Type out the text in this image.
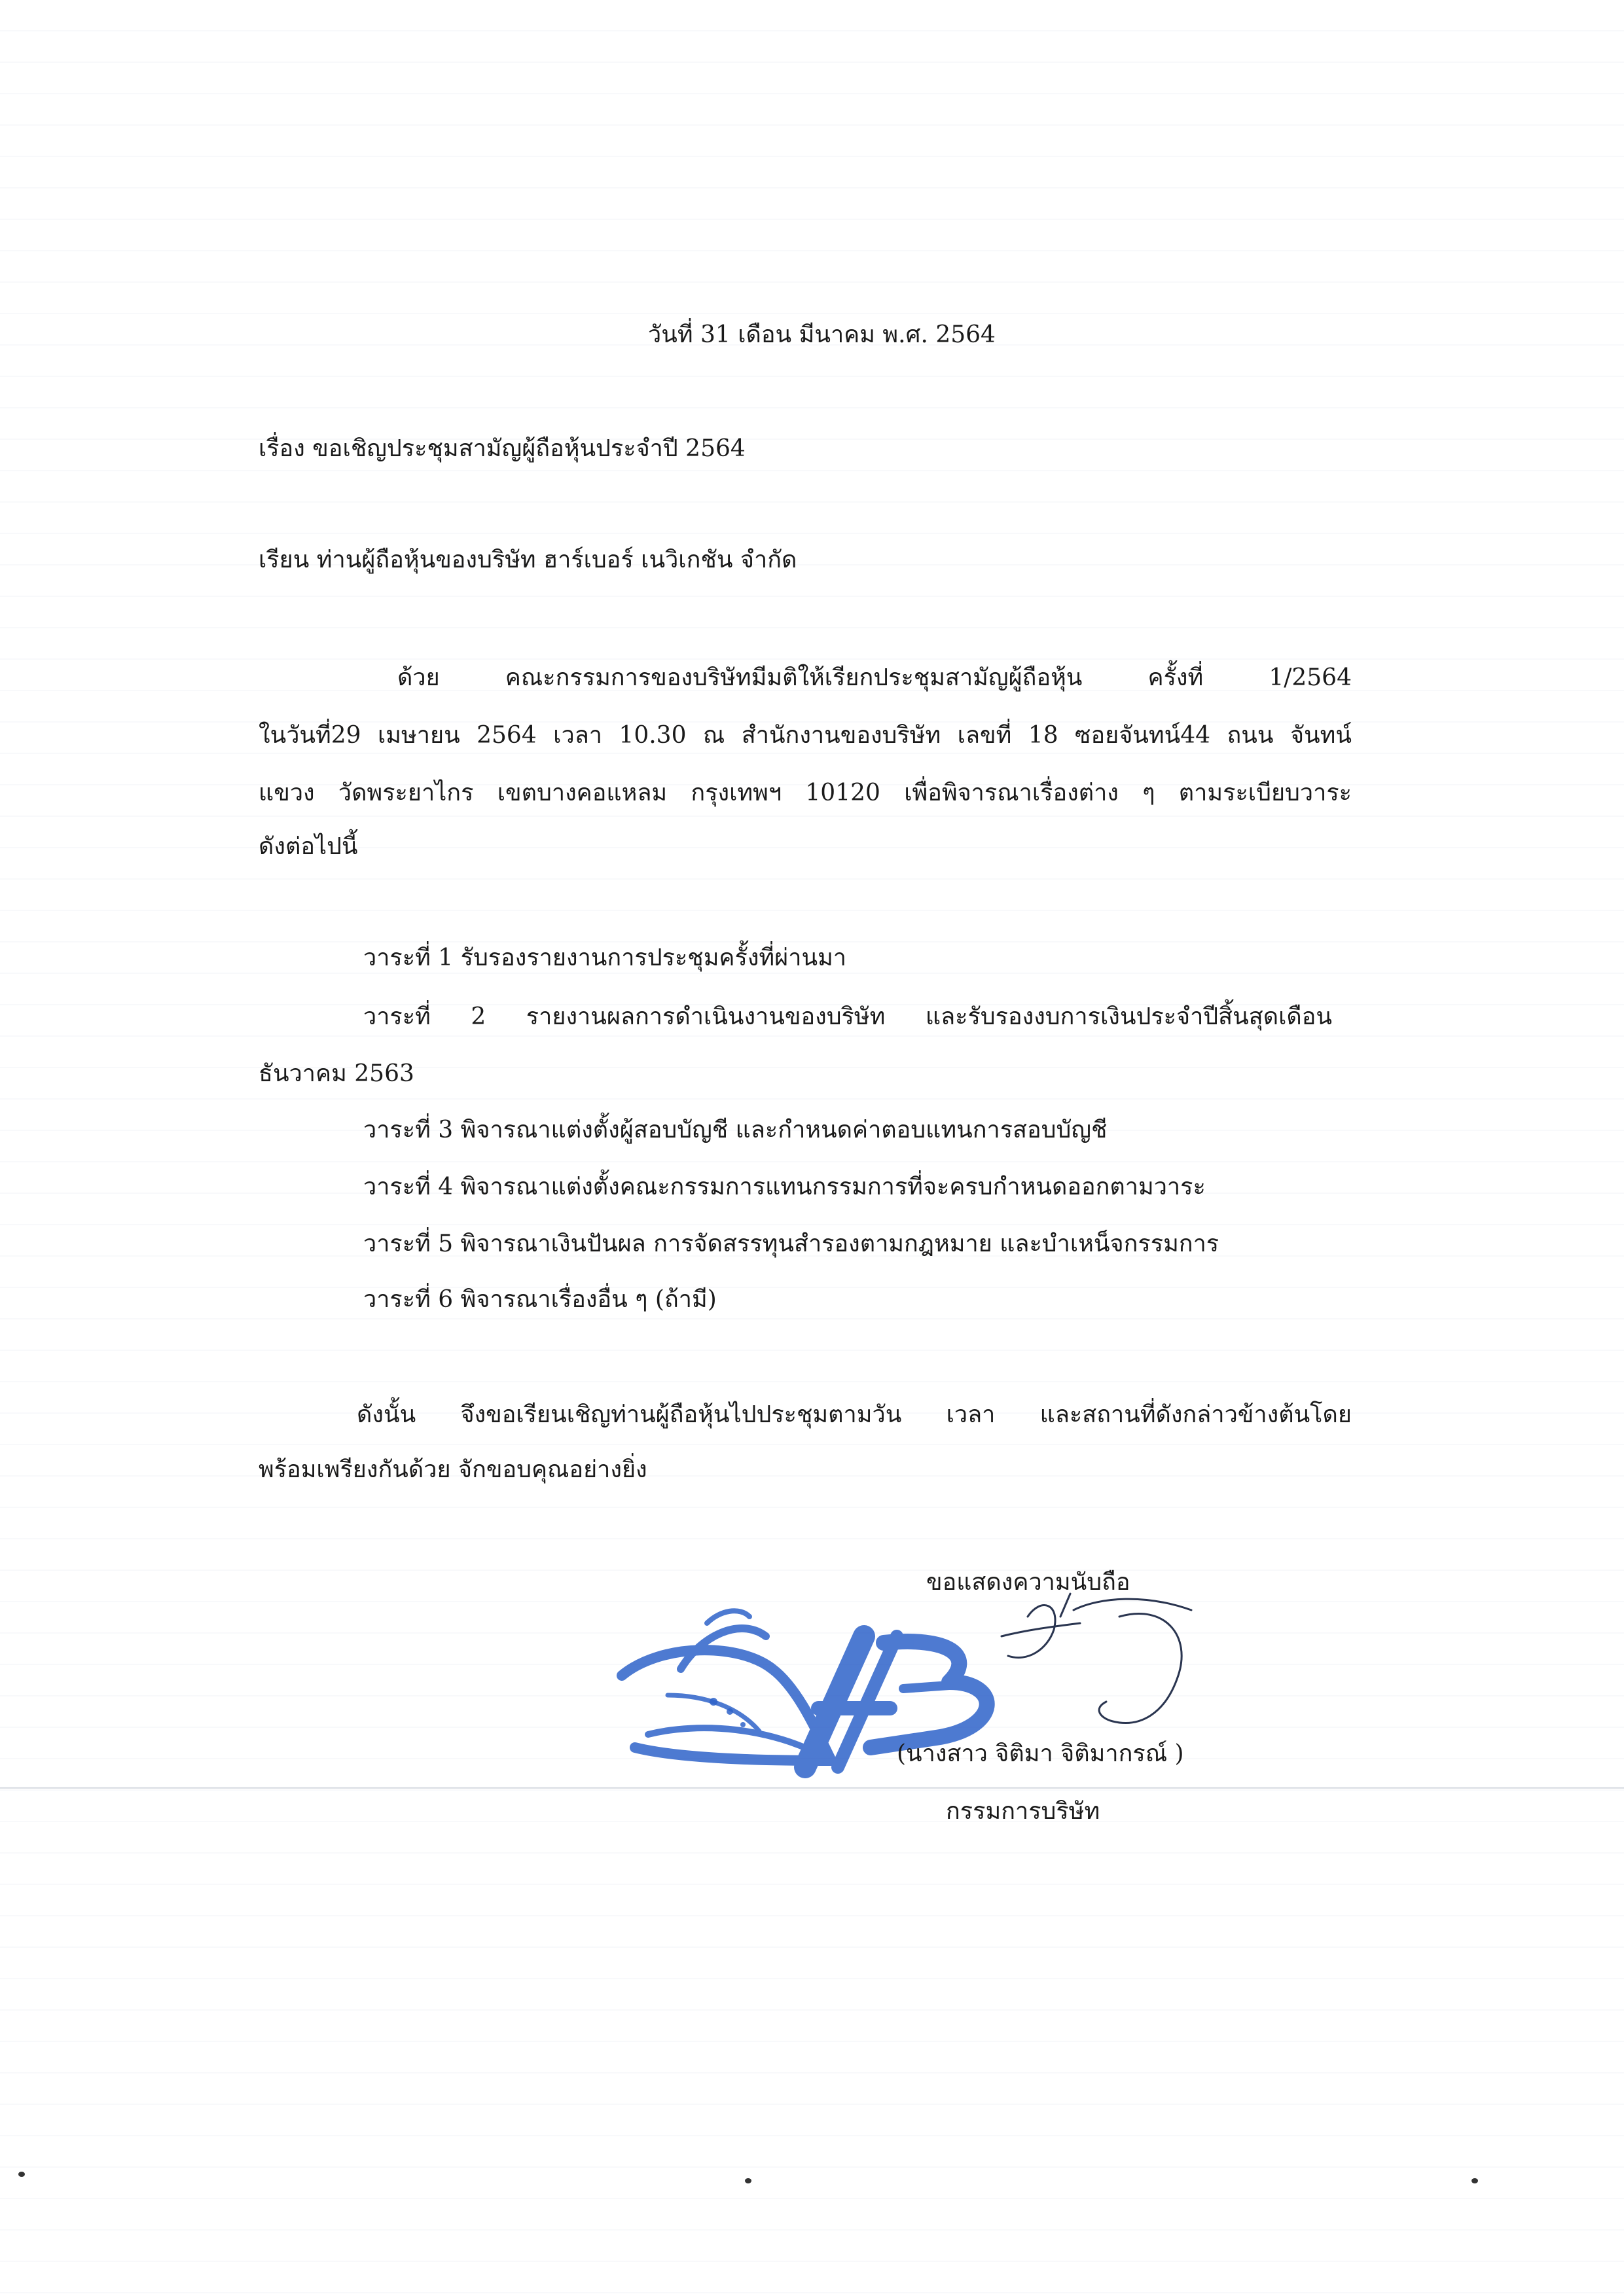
วันที่ 31 เดือน มีนาคม พ.ศ. 2564
เรื่อง ขอเชิญประชุมสามัญผู้ถือหุ้นประจำปี 2564
เรียน ท่านผู้ถือหุ้นของบริษัท ฮาร์เบอร์ เนวิเกชัน จำกัด
ด้วย คณะกรรมการของบริษัทมีมติให้เรียกประชุมสามัญผู้ถือหุ้น ครั้งที่ 1/2564
ในวันที่29 เมษายน 2564 เวลา 10.30 ณ สำนักงานของบริษัท เลขที่ 18 ซอยจันทน์44 ถนน จันทน์
แขวง วัดพระยาไกร เขตบางคอแหลม กรุงเทพฯ 10120 เพื่อพิจารณาเรื่องต่าง ๆ ตามระเบียบวาระ
ดังต่อไปนี้
วาระที่ 1 รับรองรายงานการประชุมครั้งที่ผ่านมา
วาระที่ 2 รายงานผลการดำเนินงานของบริษัท และรับรองงบการเงินประจำปีสิ้นสุดเดือน
ธันวาคม 2563
วาระที่ 3 พิจารณาแต่งตั้งผู้สอบบัญชี และกำหนดค่าตอบแทนการสอบบัญชี
วาระที่ 4 พิจารณาแต่งตั้งคณะกรรมการแทนกรรมการที่จะครบกำหนดออกตามวาระ
วาระที่ 5 พิจารณาเงินปันผล การจัดสรรทุนสำรองตามกฎหมาย และบำเหน็จกรรมการ
วาระที่ 6 พิจารณาเรื่องอื่น ๆ (ถ้ามี)
ดังนั้น จึงขอเรียนเชิญท่านผู้ถือหุ้นไปประชุมตามวัน เวลา และสถานที่ดังกล่าวข้างต้นโดย
พร้อมเพรียงกันด้วย จักขอบคุณอย่างยิ่ง
ขอแสดงความนับถือ
(นางสาว จิติมา จิติมากรณ์ )
กรรมการบริษัท
